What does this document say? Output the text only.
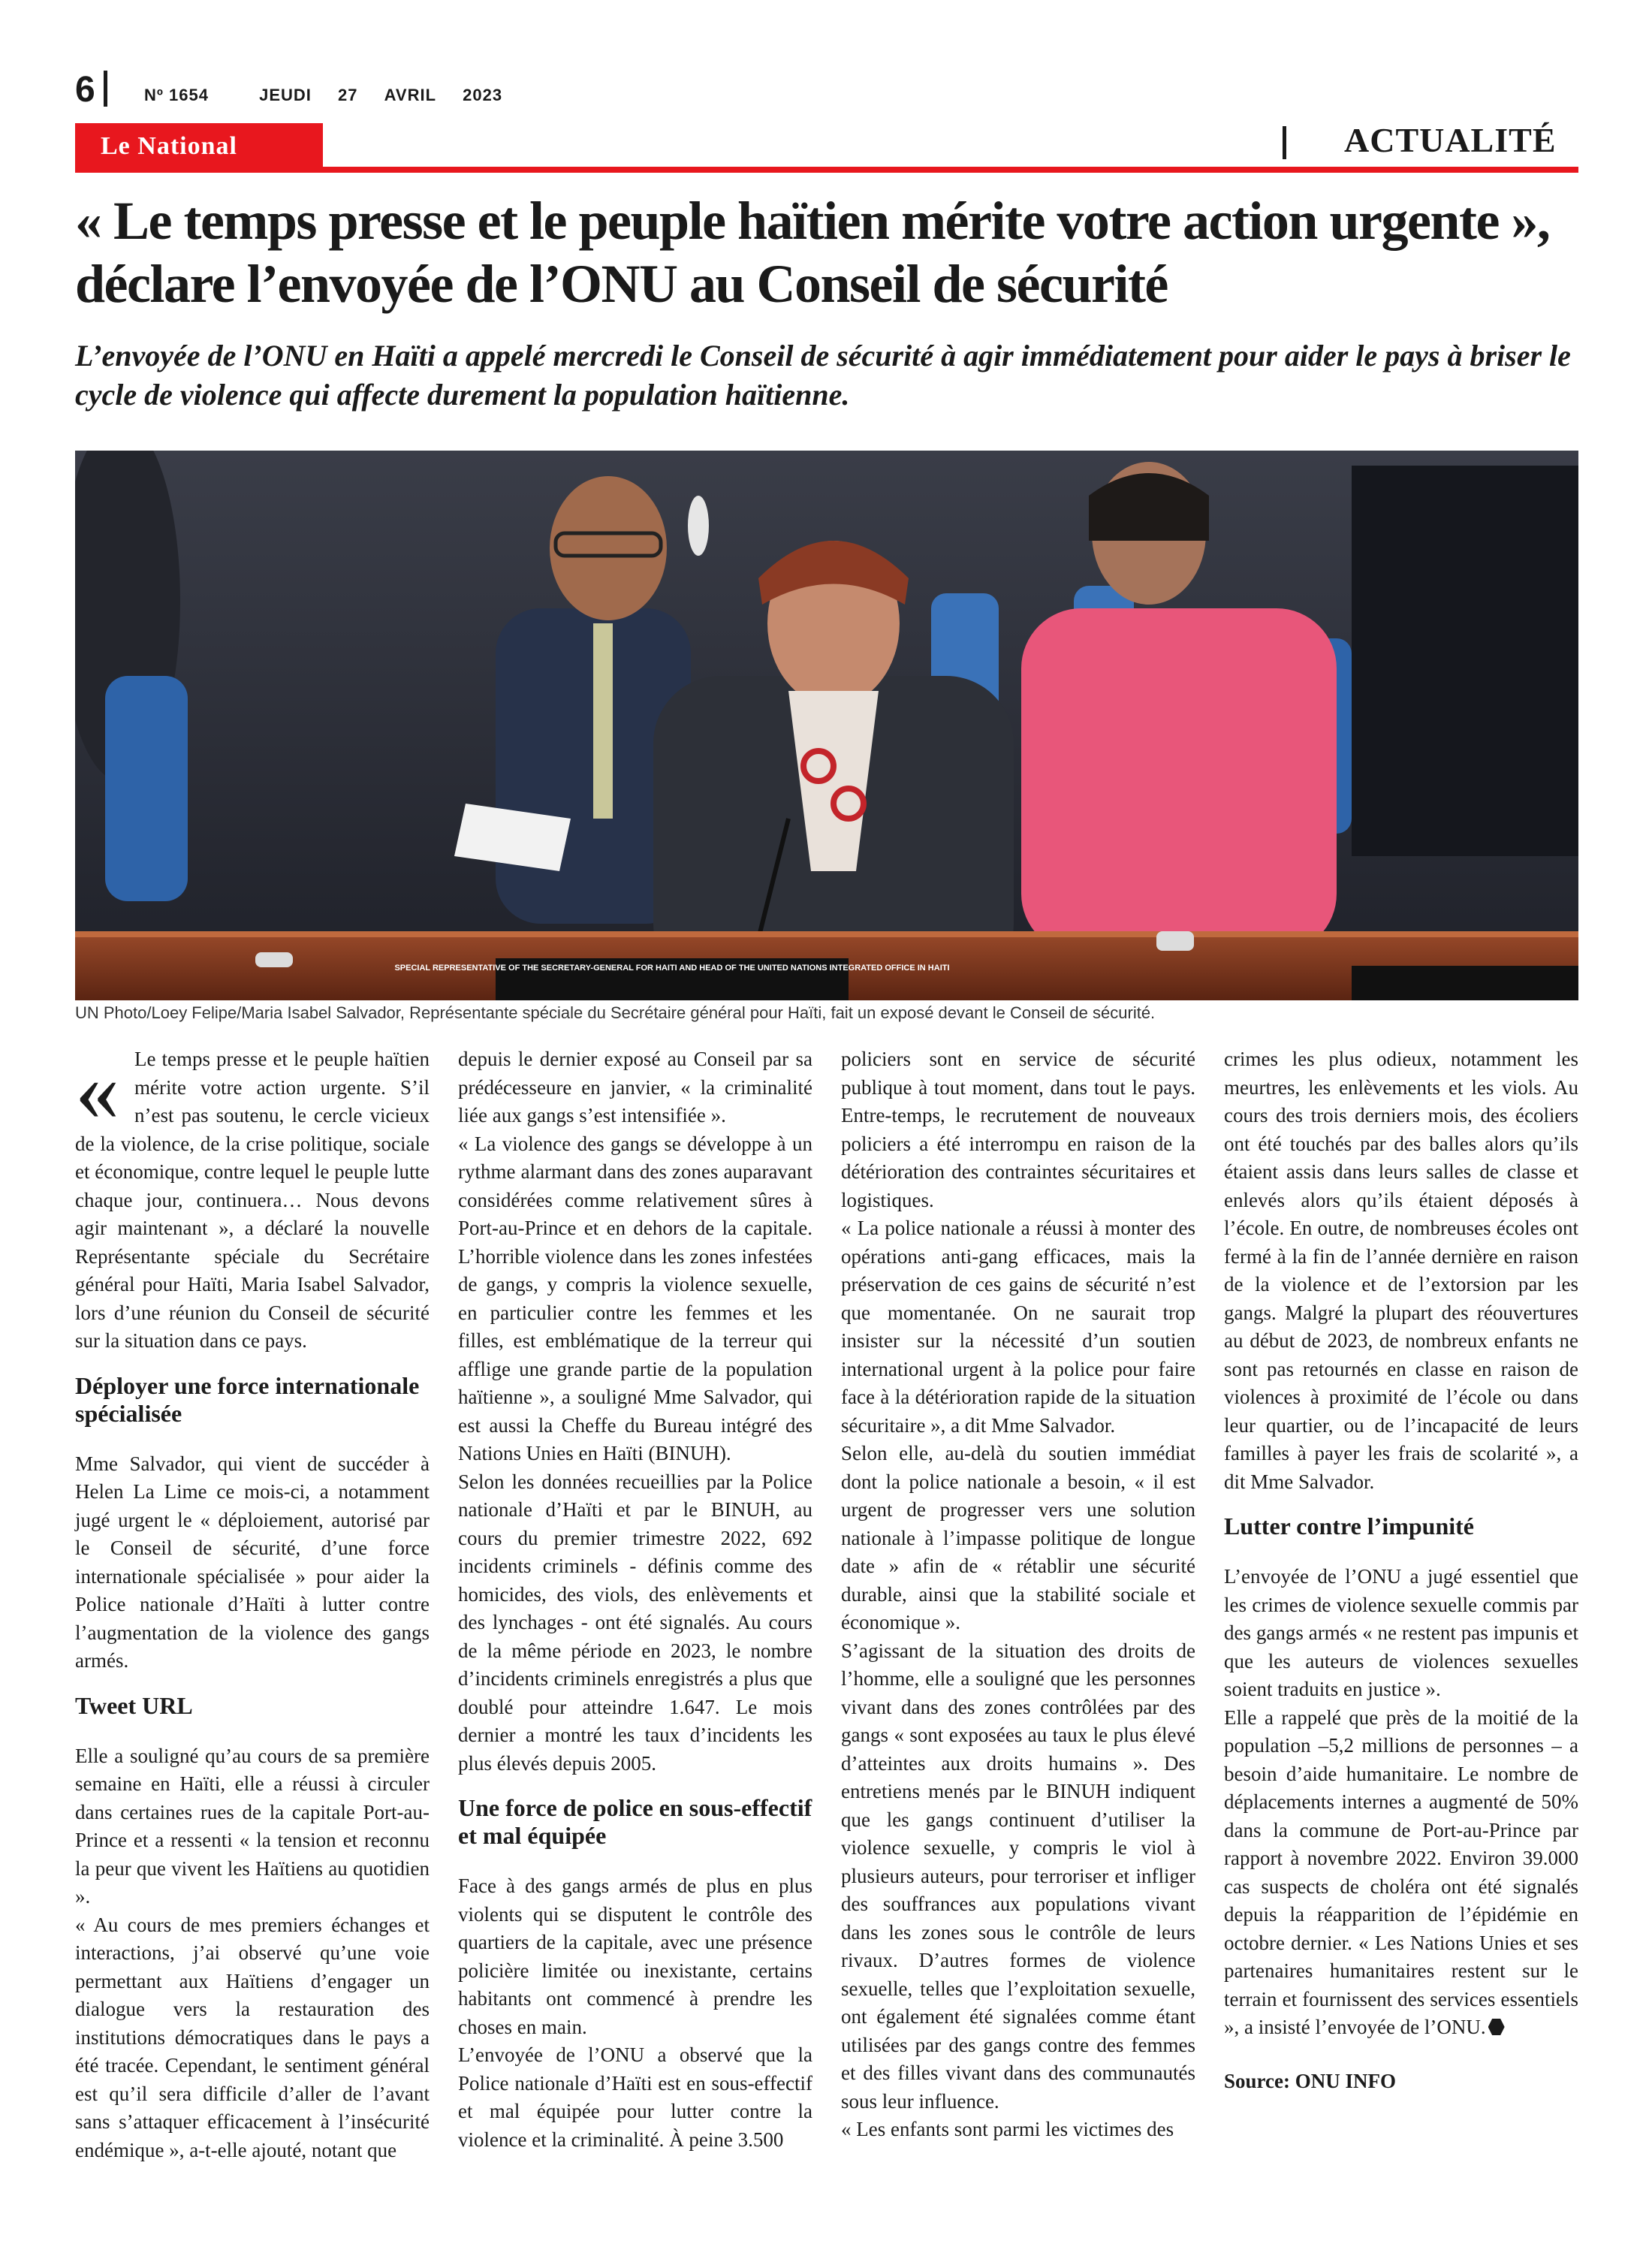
6	Nº 1654	JEUDI 27 AVRIL 2023
Le National	ACTUALITÉ
« Le temps presse et le peuple haïtien mérite votre action urgente », déclare l’envoyée de l’ONU au Conseil de sécurité

L’envoyée de l’ONU en Haïti a appelé mercredi le Conseil de sécurité à agir immédiatement pour aider le pays à briser le cycle de violence qui affecte durement la population haïtienne.

SPECIAL REPRESENTATIVE OF THE SECRETARY-GENERAL FOR HAITI AND HEAD OF THE UNITED NATIONS INTEGRATED OFFICE IN HAITI
UN Photo/Loey Felipe/Maria Isabel Salvador, Représentante spéciale du Secrétaire général pour Haïti, fait un exposé devant le Conseil de sécurité.

« Le temps presse et le peuple haïtien mérite votre action urgente. S’il n’est pas soutenu, le cercle vicieux de la violence, de la crise politique, sociale et économique, contre lequel le peuple lutte chaque jour, continuera… Nous devons agir maintenant », a déclaré la nouvelle Représentante spéciale du Secrétaire général pour Haïti, Maria Isabel Salvador, lors d’une réunion du Conseil de sécurité sur la situation dans ce pays.

Déployer une force internationale spécialisée

Mme Salvador, qui vient de succéder à Helen La Lime ce mois-ci, a notamment jugé urgent le « déploiement, autorisé par le Conseil de sécurité, d’une force internationale spécialisée » pour aider la Police nationale d’Haïti à lutter contre l’augmentation de la violence des gangs armés.

Tweet URL

Elle a souligné qu’au cours de sa première semaine en Haïti, elle a réussi à circuler dans certaines rues de la capitale Port-au-Prince et a ressenti « la tension et reconnu la peur que vivent les Haïtiens au quotidien ».

« Au cours de mes premiers échanges et interactions, j’ai observé qu’une voie permettant aux Haïtiens d’engager un dialogue vers la restauration des institutions démocratiques dans le pays a été tracée. Cependant, le sentiment général est qu’il sera difficile d’aller de l’avant sans s’attaquer efficacement à l’insécurité endémique », a-t-elle ajouté, notant que

depuis le dernier exposé au Conseil par sa prédécesseure en janvier, « la criminalité liée aux gangs s’est intensifiée ».

« La violence des gangs se développe à un rythme alarmant dans des zones auparavant considérées comme relativement sûres à Port-au-Prince et en dehors de la capitale. L’horrible violence dans les zones infestées de gangs, y compris la violence sexuelle, en particulier contre les femmes et les filles, est emblématique de la terreur qui afflige une grande partie de la population haïtienne », a souligné Mme Salvador, qui est aussi la Cheffe du Bureau intégré des Nations Unies en Haïti (BINUH).

Selon les données recueillies par la Police nationale d’Haïti et par le BINUH, au cours du premier trimestre 2022, 692 incidents criminels - définis comme des homicides, des viols, des enlèvements et des lynchages - ont été signalés. Au cours de la même période en 2023, le nombre d’incidents criminels enregistrés a plus que doublé pour atteindre 1.647. Le mois dernier a montré les taux d’incidents les plus élevés depuis 2005.

Une force de police en sous-effectif et mal équipée

Face à des gangs armés de plus en plus violents qui se disputent le contrôle des quartiers de la capitale, avec une présence policière limitée ou inexistante, certains habitants ont commencé à prendre les choses en main.

L’envoyée de l’ONU a observé que la Police nationale d’Haïti est en sous-effectif et mal équipée pour lutter contre la violence et la criminalité. À peine 3.500

policiers sont en service de sécurité publique à tout moment, dans tout le pays. Entre-temps, le recrutement de nouveaux policiers a été interrompu en raison de la détérioration des contraintes sécuritaires et logistiques.

« La police nationale a réussi à monter des opérations anti-gang efficaces, mais la préservation de ces gains de sécurité n’est que momentanée. On ne saurait trop insister sur la nécessité d’un soutien international urgent à la police pour faire face à la détérioration rapide de la situation sécuritaire », a dit Mme Salvador.

Selon elle, au-delà du soutien immédiat dont la police nationale a besoin, « il est urgent de progresser vers une solution nationale à l’impasse politique de longue date » afin de « rétablir une sécurité durable, ainsi que la stabilité sociale et économique ».

S’agissant de la situation des droits de l’homme, elle a souligné que les personnes vivant dans des zones contrôlées par des gangs « sont exposées au taux le plus élevé d’atteintes aux droits humains ». Des entretiens menés par le BINUH indiquent que les gangs continuent d’utiliser la violence sexuelle, y compris le viol à plusieurs auteurs, pour terroriser et infliger des souffrances aux populations vivant dans les zones sous le contrôle de leurs rivaux. D’autres formes de violence sexuelle, telles que l’exploitation sexuelle, ont également été signalées comme étant utilisées par des gangs contre des femmes et des filles vivant dans des communautés sous leur influence.

« Les enfants sont parmi les victimes des

crimes les plus odieux, notamment les meurtres, les enlèvements et les viols. Au cours des trois derniers mois, des écoliers ont été touchés par des balles alors qu’ils étaient assis dans leurs salles de classe et enlevés alors qu’ils étaient déposés à l’école. En outre, de nombreuses écoles ont fermé à la fin de l’année dernière en raison de la violence et de l’extorsion par les gangs. Malgré la plupart des réouvertures au début de 2023, de nombreux enfants ne sont pas retournés en classe en raison de violences à proximité de l’école ou dans leur quartier, ou de l’incapacité de leurs familles à payer les frais de scolarité », a dit Mme Salvador.

Lutter contre l’impunité

L’envoyée de l’ONU a jugé essentiel que les crimes de violence sexuelle commis par des gangs armés « ne restent pas impunis et que les auteurs de violences sexuelles soient traduits en justice ».

Elle a rappelé que près de la moitié de la population –5,2 millions de personnes – a besoin d’aide humanitaire. Le nombre de déplacements internes a augmenté de 50% dans la commune de Port-au-Prince par rapport à novembre 2022. Environ 39.000 cas suspects de choléra ont été signalés depuis la réapparition de l’épidémie en octobre dernier. « Les Nations Unies et ses partenaires humanitaires restent sur le terrain et fournissent des services essentiels », a insisté l’envoyée de l’ONU.

Source: ONU INFO
